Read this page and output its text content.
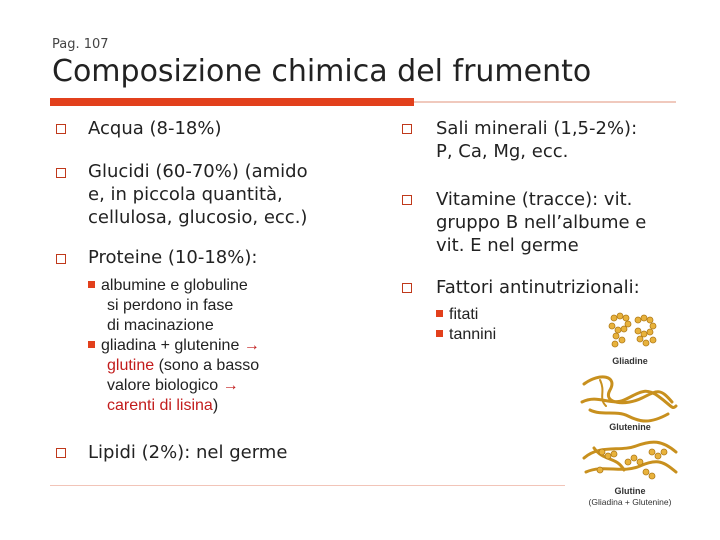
Pag. 107
Composizione chimica del frumento
Acqua (8-18%)
Glucidi (60-70%) (amido
e, in piccola quantità,
cellulosa, glucosio, ecc.)
Proteine (10-18%):
albumine e globuline
si perdono in fase
di macinazione
gliadina + glutenine →
glutine (sono a basso
valore biologico →
carenti di lisina)
Lipidi (2%): nel germe
Sali minerali (1,5-2%):
P, Ca, Mg, ecc.
Vitamine (tracce): vit.
gruppo B nell’albume e
vit. E nel germe
Fattori antinutrizionali:
fitati
tannini
Gliadine
Glutenine
Glutine
(Gliadina + Glutenine)
